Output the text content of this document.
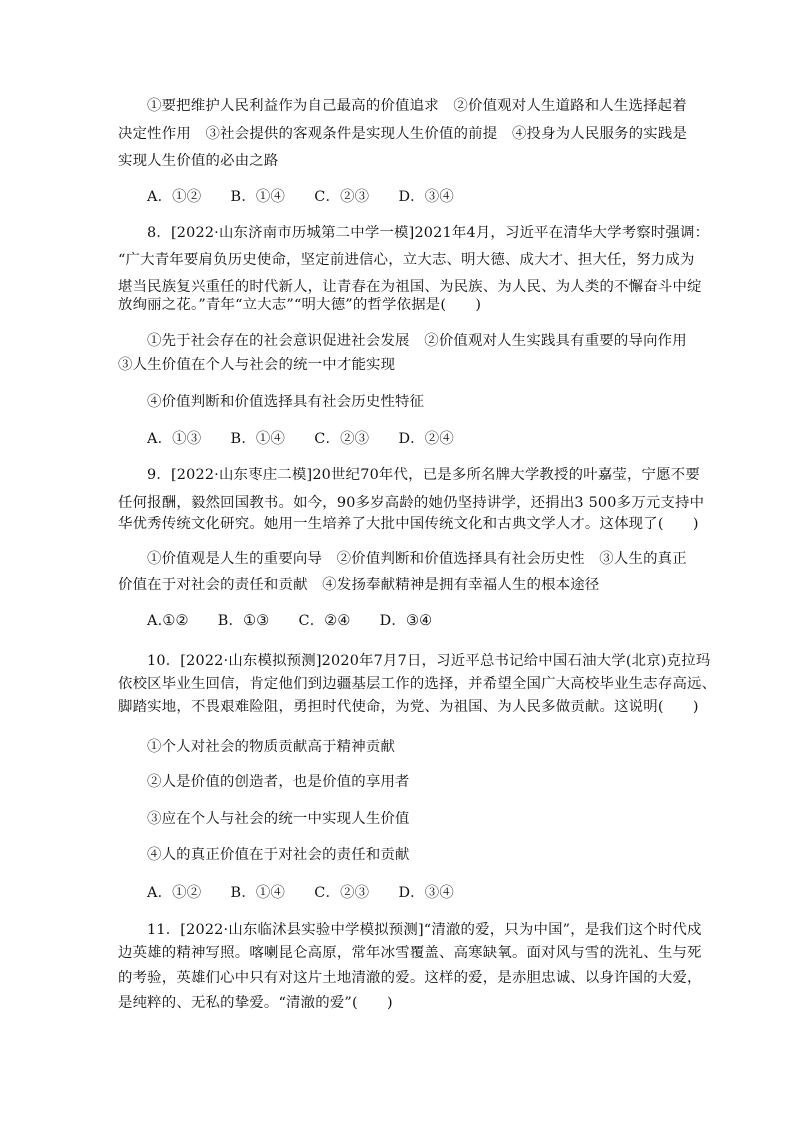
①要把维护人民利益作为自己最高的价值追求　②价值观对人生道路和人生选择起着
决定性作用　③社会提供的客观条件是实现人生价值的前提　④投身为人民服务的实践是
实现人生价值的必由之路
A．①②　　B．①④　　C．②③　　D．③④
8．[2022·山东济南市历城第二中学一模]2021年4月，习近平在清华大学考察时强调：
“广大青年要肩负历史使命，坚定前进信心，立大志、明大德、成大才、担大任，努力成为
堪当民族复兴重任的时代新人，让青春在为祖国、为民族、为人民、为人类的不懈奋斗中绽
放绚丽之花。”青年“立大志”“明大德”的哲学依据是(　　)
①先于社会存在的社会意识促进社会发展　②价值观对人生实践具有重要的导向作用
③人生价值在个人与社会的统一中才能实现
④价值判断和价值选择具有社会历史性特征
A．①③　　B．①④　　C．②③　　D．②④
9．[2022·山东枣庄二模]20世纪70年代，已是多所名牌大学教授的叶嘉莹，宁愿不要
任何报酬，毅然回国教书。如今，90多岁高龄的她仍坚持讲学，还捐出3 500多万元支持中
华优秀传统文化研究。她用一生培养了大批中国传统文化和古典文学人才。这体现了(　　)
①价值观是人生的重要向导　②价值判断和价值选择具有社会历史性　③人生的真正
价值在于对社会的责任和贡献　④发扬奉献精神是拥有幸福人生的根本途径
A.①②　　B．①③　　C．②④　　D．③④
10．[2022·山东模拟预测]2020年7月7日，习近平总书记给中国石油大学(北京)克拉玛
依校区毕业生回信，肯定他们到边疆基层工作的选择，并希望全国广大高校毕业生志存高远、
脚踏实地，不畏艰难险阻，勇担时代使命，为党、为祖国、为人民多做贡献。这说明(　　)
①个人对社会的物质贡献高于精神贡献
②人是价值的创造者，也是价值的享用者
③应在个人与社会的统一中实现人生价值
④人的真正价值在于对社会的责任和贡献
A．①②　　B．①④　　C．②③　　D．③④
11．[2022·山东临沭县实验中学模拟预测]“清澈的爱，只为中国”，是我们这个时代戍
边英雄的精神写照。喀喇昆仑高原，常年冰雪覆盖、高寒缺氧。面对风与雪的洗礼、生与死
的考验，英雄们心中只有对这片土地清澈的爱。这样的爱，是赤胆忠诚、以身许国的大爱，
是纯粹的、无私的挚爱。“清澈的爱”(　　)
